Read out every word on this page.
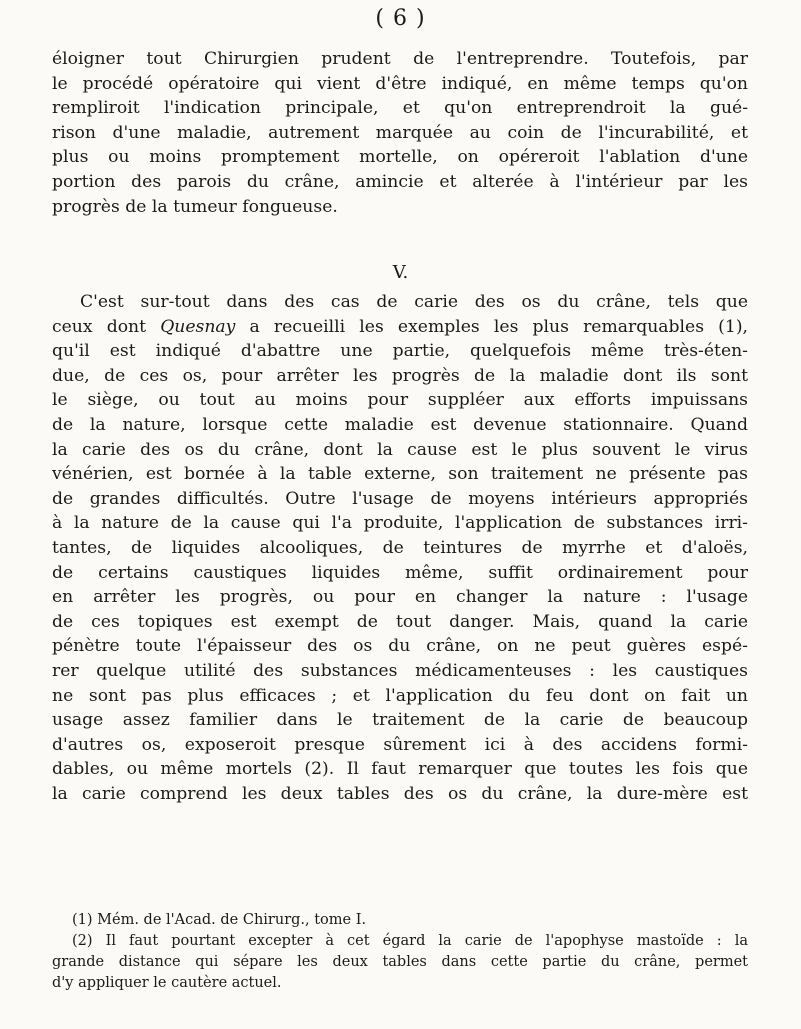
( 6 )
éloigner tout Chirurgien prudent de l'entreprendre. Toutefois, par
le procédé opératoire qui vient d'être indiqué, en même temps qu'on
rempliroit l'indication principale, et qu'on entreprendroit la gué-
rison d'une maladie, autrement marquée au coin de l'incurabilité, et
plus ou moins promptement mortelle, on opéreroit l'ablation d'une
portion des parois du crâne, amincie et alterée à l'intérieur par les
progrès de la tumeur fongueuse.
V.
C'est sur-tout dans des cas de carie des os du crâne, tels que
ceux dont Quesnay a recueilli les exemples les plus remarquables (1),
qu'il est indiqué d'abattre une partie, quelquefois même très-éten-
due, de ces os, pour arrêter les progrès de la maladie dont ils sont
le siège, ou tout au moins pour suppléer aux efforts impuissans
de la nature, lorsque cette maladie est devenue stationnaire. Quand
la carie des os du crâne, dont la cause est le plus souvent le virus
vénérien, est bornée à la table externe, son traitement ne présente pas
de grandes difficultés. Outre l'usage de moyens intérieurs appropriés
à la nature de la cause qui l'a produite, l'application de substances irri-
tantes, de liquides alcooliques, de teintures de myrrhe et d'aloës,
de certains caustiques liquides même, suffit ordinairement pour
en arrêter les progrès, ou pour en changer la nature : l'usage
de ces topiques est exempt de tout danger. Mais, quand la carie
pénètre toute l'épaisseur des os du crâne, on ne peut guères espé-
rer quelque utilité des substances médicamenteuses : les caustiques
ne sont pas plus efficaces ; et l'application du feu dont on fait un
usage assez familier dans le traitement de la carie de beaucoup
d'autres os, exposeroit presque sûrement ici à des accidens formi-
dables, ou même mortels (2). Il faut remarquer que toutes les fois que
la carie comprend les deux tables des os du crâne, la dure-mère est
(1) Mém. de l'Acad. de Chirurg., tome I.
(2) Il faut pourtant excepter à cet égard la carie de l'apophyse mastoïde : la
grande distance qui sépare les deux tables dans cette partie du crâne, permet
d'y appliquer le cautère actuel.
